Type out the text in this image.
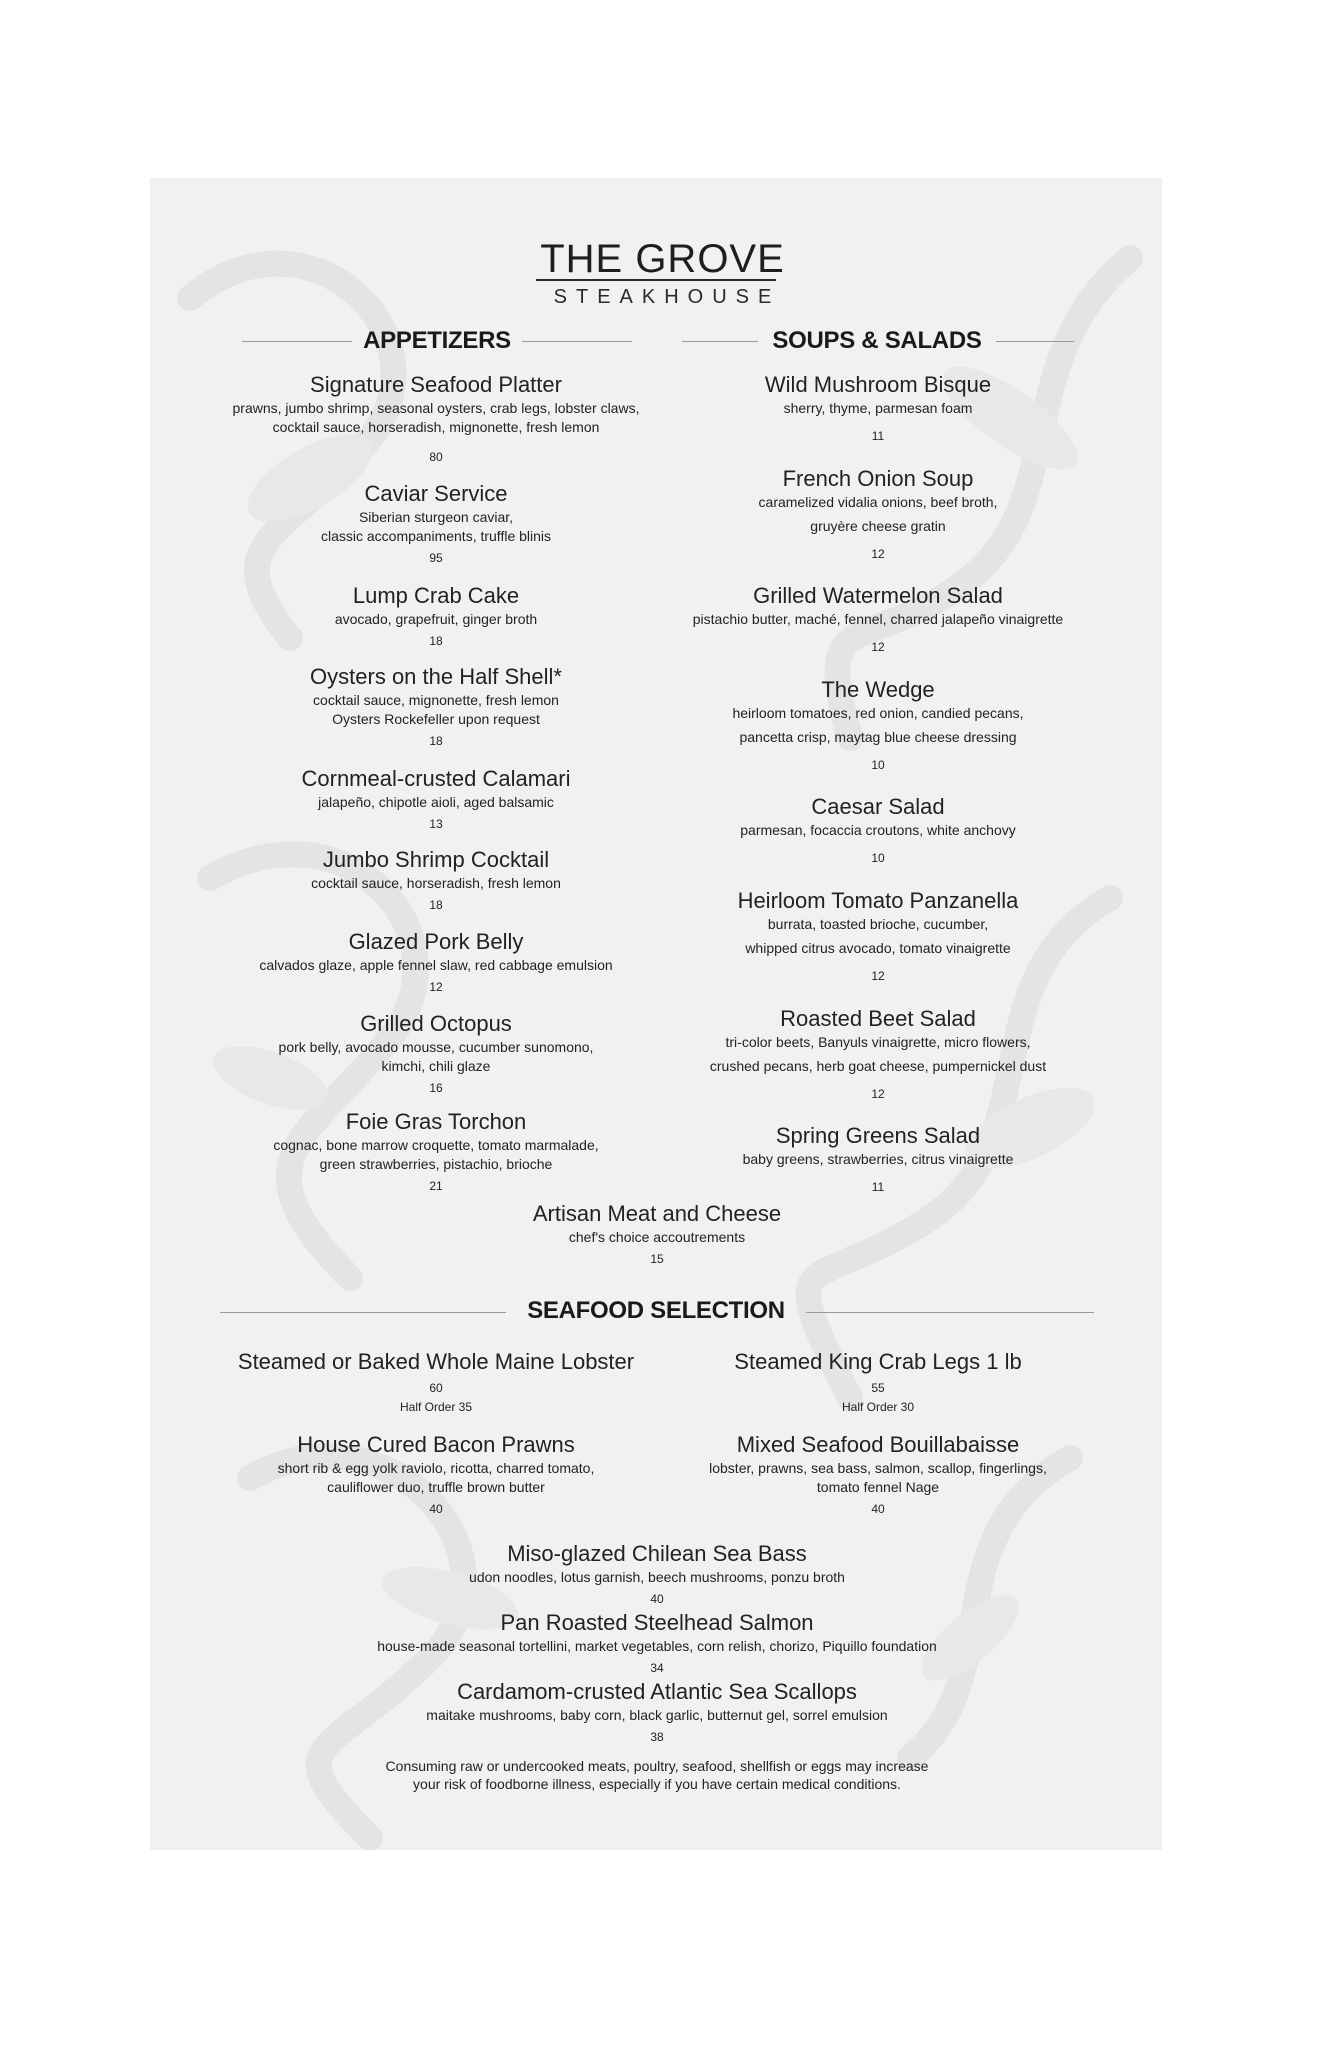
THE GROVE
STEAKHOUSE
APPETIZERS	SOUPS & SALADS
SEAFOOD SELECTION
Signature Seafood Platter
prawns, jumbo shrimp, seasonal oysters, crab legs, lobster claws,
cocktail sauce, horseradish, mignonette, fresh lemon
80
Caviar Service
Siberian sturgeon caviar,
classic accompaniments, truffle blinis
95
Lump Crab Cake
avocado, grapefruit, ginger broth
18
Oysters on the Half Shell*
cocktail sauce, mignonette, fresh lemon
Oysters Rockefeller upon request
18
Cornmeal-crusted Calamari
jalapeño, chipotle aioli, aged balsamic
13
Jumbo Shrimp Cocktail
cocktail sauce, horseradish, fresh lemon
18
Glazed Pork Belly
calvados glaze, apple fennel slaw, red cabbage emulsion
12
Grilled Octopus
pork belly, avocado mousse, cucumber sunomono,
kimchi, chili glaze
16
Foie Gras Torchon
cognac, bone marrow croquette, tomato marmalade,
green strawberries, pistachio, brioche
21
Wild Mushroom Bisque
sherry, thyme, parmesan foam
11
French Onion Soup
caramelized vidalia onions, beef broth,
gruyère cheese gratin
12
Grilled Watermelon Salad
pistachio butter, maché, fennel, charred jalapeño vinaigrette
12
The Wedge
heirloom tomatoes, red onion, candied pecans,
pancetta crisp, maytag blue cheese dressing
10
Caesar Salad
parmesan, focaccia croutons, white anchovy
10
Heirloom Tomato Panzanella
burrata, toasted brioche, cucumber,
whipped citrus avocado, tomato vinaigrette
12
Roasted Beet Salad
tri-color beets, Banyuls vinaigrette, micro flowers,
crushed pecans, herb goat cheese, pumpernickel dust
12
Spring Greens Salad
baby greens, strawberries, citrus vinaigrette
11
Artisan Meat and Cheese
chef's choice accoutrements
15
Steamed or Baked Whole Maine Lobster
60
Half Order 35
House Cured Bacon Prawns
short rib & egg yolk raviolo, ricotta, charred tomato,
cauliflower duo, truffle brown butter
40
Steamed King Crab Legs 1 lb
55
Half Order 30
Mixed Seafood Bouillabaisse
lobster, prawns, sea bass, salmon, scallop, fingerlings,
tomato fennel Nage
40
Miso-glazed Chilean Sea Bass
udon noodles, lotus garnish, beech mushrooms, ponzu broth
40
Pan Roasted Steelhead Salmon
house-made seasonal tortellini, market vegetables, corn relish, chorizo, Piquillo foundation
34
Cardamom-crusted Atlantic Sea Scallops
maitake mushrooms, baby corn, black garlic, butternut gel, sorrel emulsion
38
Consuming raw or undercooked meats, poultry, seafood, shellfish or eggs may increase
your risk of foodborne illness, especially if you have certain medical conditions.
